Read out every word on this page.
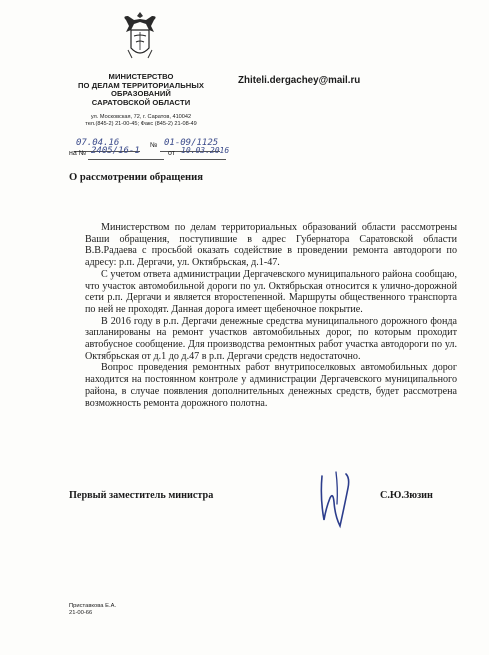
МИНИСТЕРСТВО
ПО ДЕЛАМ ТЕРРИТОРИАЛЬНЫХ
ОБРАЗОВАНИЙ
САРАТОВСКОЙ ОБЛАСТИ
ул. Московская, 72, г. Саратов, 410042
тел.(845-2) 21-00-45; Факс (845-2) 21-08-49
Zhiteli.dergachey@mail.ru
07.04.16	№ 01-09/1125
на № 2405/16-1	от 10.03.2016
О рассмотрении обращения

Министерством по делам территориальных образований области рассмотрены Ваши обращения, поступившие в адрес Губернатора Саратовской области В.В.Радаева с просьбой оказать содействие в проведении ремонта автодороги по адресу: р.п. Дергачи, ул. Октябрьская, д.1-47.

С учетом ответа администрации Дергачевского муниципального района сообщаю, что участок автомобильной дороги по ул. Октябрьская относится к улично-дорожной сети р.п. Дергачи и является второстепенной. Маршруты общественного транспорта по ней не проходят. Данная дорога имеет щебеночное покрытие.

В 2016 году в р.п. Дергачи денежные средства муниципального дорожного фонда запланированы на ремонт участков автомобильных дорог, по которым проходит автобусное сообщение. Для производства ремонтных работ участка автодороги по ул. Октябрьская от д.1 до д.47 в р.п. Дергачи средств недостаточно.

Вопрос проведения ремонтных работ внутрипоселковых автомобильных дорог находится на постоянном контроле у администрации Дергачевского муниципального района, в случае появления дополнительных денежных средств, будет рассмотрена возможность ремонта дорожного полотна.

Первый заместитель министра	С.Ю.Зюзин
Приставкова Е.А.
21-00-66
